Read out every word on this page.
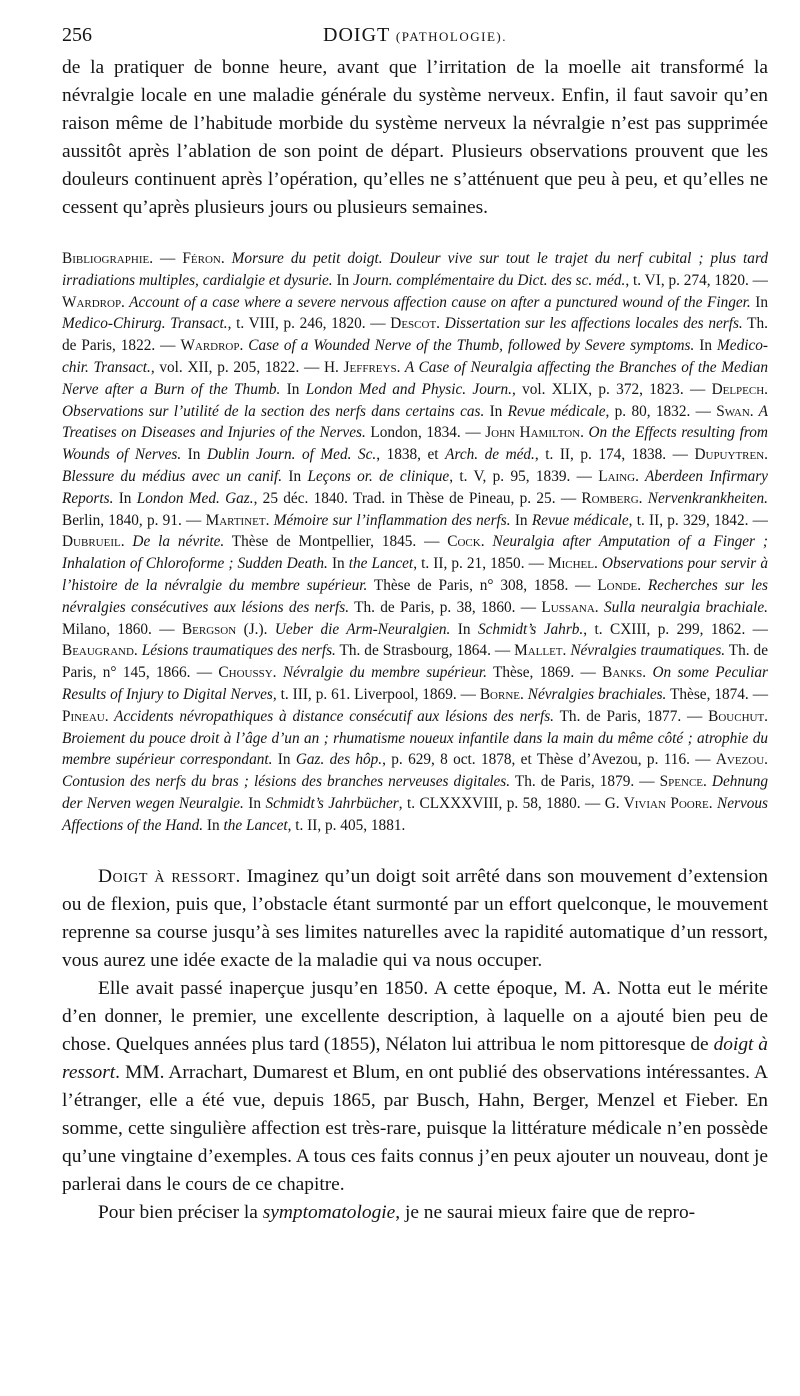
256	DOIGT (PATHOLOGIE).

de la pratiquer de bonne heure, avant que l’irritation de la moelle ait transformé la névralgie locale en une maladie générale du système nerveux. Enfin, il faut savoir qu’en raison même de l’habitude morbide du système nerveux la névralgie n’est pas supprimée aussitôt après l’ablation de son point de départ. Plusieurs observations prouvent que les douleurs continuent après l’opération, qu’elles ne s’atténuent que peu à peu, et qu’elles ne cessent qu’après plusieurs jours ou plusieurs semaines.

Bibliographie. — Féron. Morsure du petit doigt. Douleur vive sur tout le trajet du nerf cubital ; plus tard irradiations multiples, cardialgie et dysurie. In Journ. complémentaire du Dict. des sc. méd., t. VI, p. 274, 1820. — Wardrop. Account of a case where a severe nervous affection cause on after a punctured wound of the Finger. In Medico-Chirurg. Transact., t. VIII, p. 246, 1820. — Descot. Dissertation sur les affections locales des nerfs. Th. de Paris, 1822. — Wardrop. Case of a Wounded Nerve of the Thumb, followed by Severe symptoms. In Medico-chir. Transact., vol. XII, p. 205, 1822. — H. Jeffreys. A Case of Neuralgia affecting the Branches of the Median Nerve after a Burn of the Thumb. In London Med and Physic. Journ., vol. XLIX, p. 372, 1823. — Delpech. Observations sur l’utilité de la section des nerfs dans certains cas. In Revue médicale, p. 80, 1832. — Swan. A Treatises on Diseases and Injuries of the Nerves. London, 1834. — John Hamilton. On the Effects resulting from Wounds of Nerves. In Dublin Journ. of Med. Sc., 1838, et Arch. de méd., t. II, p. 174, 1838. — Dupuytren. Blessure du médius avec un canif. In Leçons or. de clinique, t. V, p. 95, 1839. — Laing. Aberdeen Infirmary Reports. In London Med. Gaz., 25 déc. 1840. Trad. in Thèse de Pineau, p. 25. — Romberg. Nervenkrankheiten. Berlin, 1840, p. 91. — Martinet. Mémoire sur l’inflammation des nerfs. In Revue médicale, t. II, p. 329, 1842. — Dubrueil. De la névrite. Thèse de Montpellier, 1845. — Cock. Neuralgia after Amputation of a Finger ; Inhalation of Chloroforme ; Sudden Death. In the Lancet, t. II, p. 21, 1850. — Michel. Observations pour servir à l’histoire de la névralgie du membre supérieur. Thèse de Paris, n° 308, 1858. — Londe. Recherches sur les névralgies consécutives aux lésions des nerfs. Th. de Paris, p. 38, 1860. — Lussana. Sulla neuralgia brachiale. Milano, 1860. — Bergson (J.). Ueber die Arm-Neuralgien. In Schmidt’s Jahrb., t. CXIII, p. 299, 1862. — Beaugrand. Lésions traumatiques des nerfs. Th. de Strasbourg, 1864. — Mallet. Névralgies traumatiques. Th. de Paris, n° 145, 1866. — Choussy. Névralgie du membre supérieur. Thèse, 1869. — Banks. On some Peculiar Results of Injury to Digital Nerves, t. III, p. 61. Liverpool, 1869. — Borne. Névralgies brachiales. Thèse, 1874. — Pineau. Accidents névropathiques à distance consécutif aux lésions des nerfs. Th. de Paris, 1877. — Bouchut. Broiement du pouce droit à l’âge d’un an ; rhumatisme noueux infantile dans la main du même côté ; atrophie du membre supérieur correspondant. In Gaz. des hôp., p. 629, 8 oct. 1878, et Thèse d’Avezou, p. 116. — Avezou. Contusion des nerfs du bras ; lésions des branches nerveuses digitales. Th. de Paris, 1879. — Spence. Dehnung der Nerven wegen Neuralgie. In Schmidt’s Jahrbücher, t. CLXXXVIII, p. 58, 1880. — G. Vivian Poore. Nervous Affections of the Hand. In the Lancet, t. II, p. 405, 1881.

Doigt à ressort. Imaginez qu’un doigt soit arrêté dans son mouvement d’extension ou de flexion, puis que, l’obstacle étant surmonté par un effort quelconque, le mouvement reprenne sa course jusqu’à ses limites naturelles avec la rapidité automatique d’un ressort, vous aurez une idée exacte de la maladie qui va nous occuper.

Elle avait passé inaperçue jusqu’en 1850. A cette époque, M. A. Notta eut le mérite d’en donner, le premier, une excellente description, à laquelle on a ajouté bien peu de chose. Quelques années plus tard (1855), Nélaton lui attribua le nom pittoresque de doigt à ressort. MM. Arrachart, Dumarest et Blum, en ont publié des observations intéressantes. A l’étranger, elle a été vue, depuis 1865, par Busch, Hahn, Berger, Menzel et Fieber. En somme, cette singulière affection est très-rare, puisque la littérature médicale n’en possède qu’une vingtaine d’exemples. A tous ces faits connus j’en peux ajouter un nouveau, dont je parlerai dans le cours de ce chapitre.

Pour bien préciser la symptomatologie, je ne saurai mieux faire que de repro-
